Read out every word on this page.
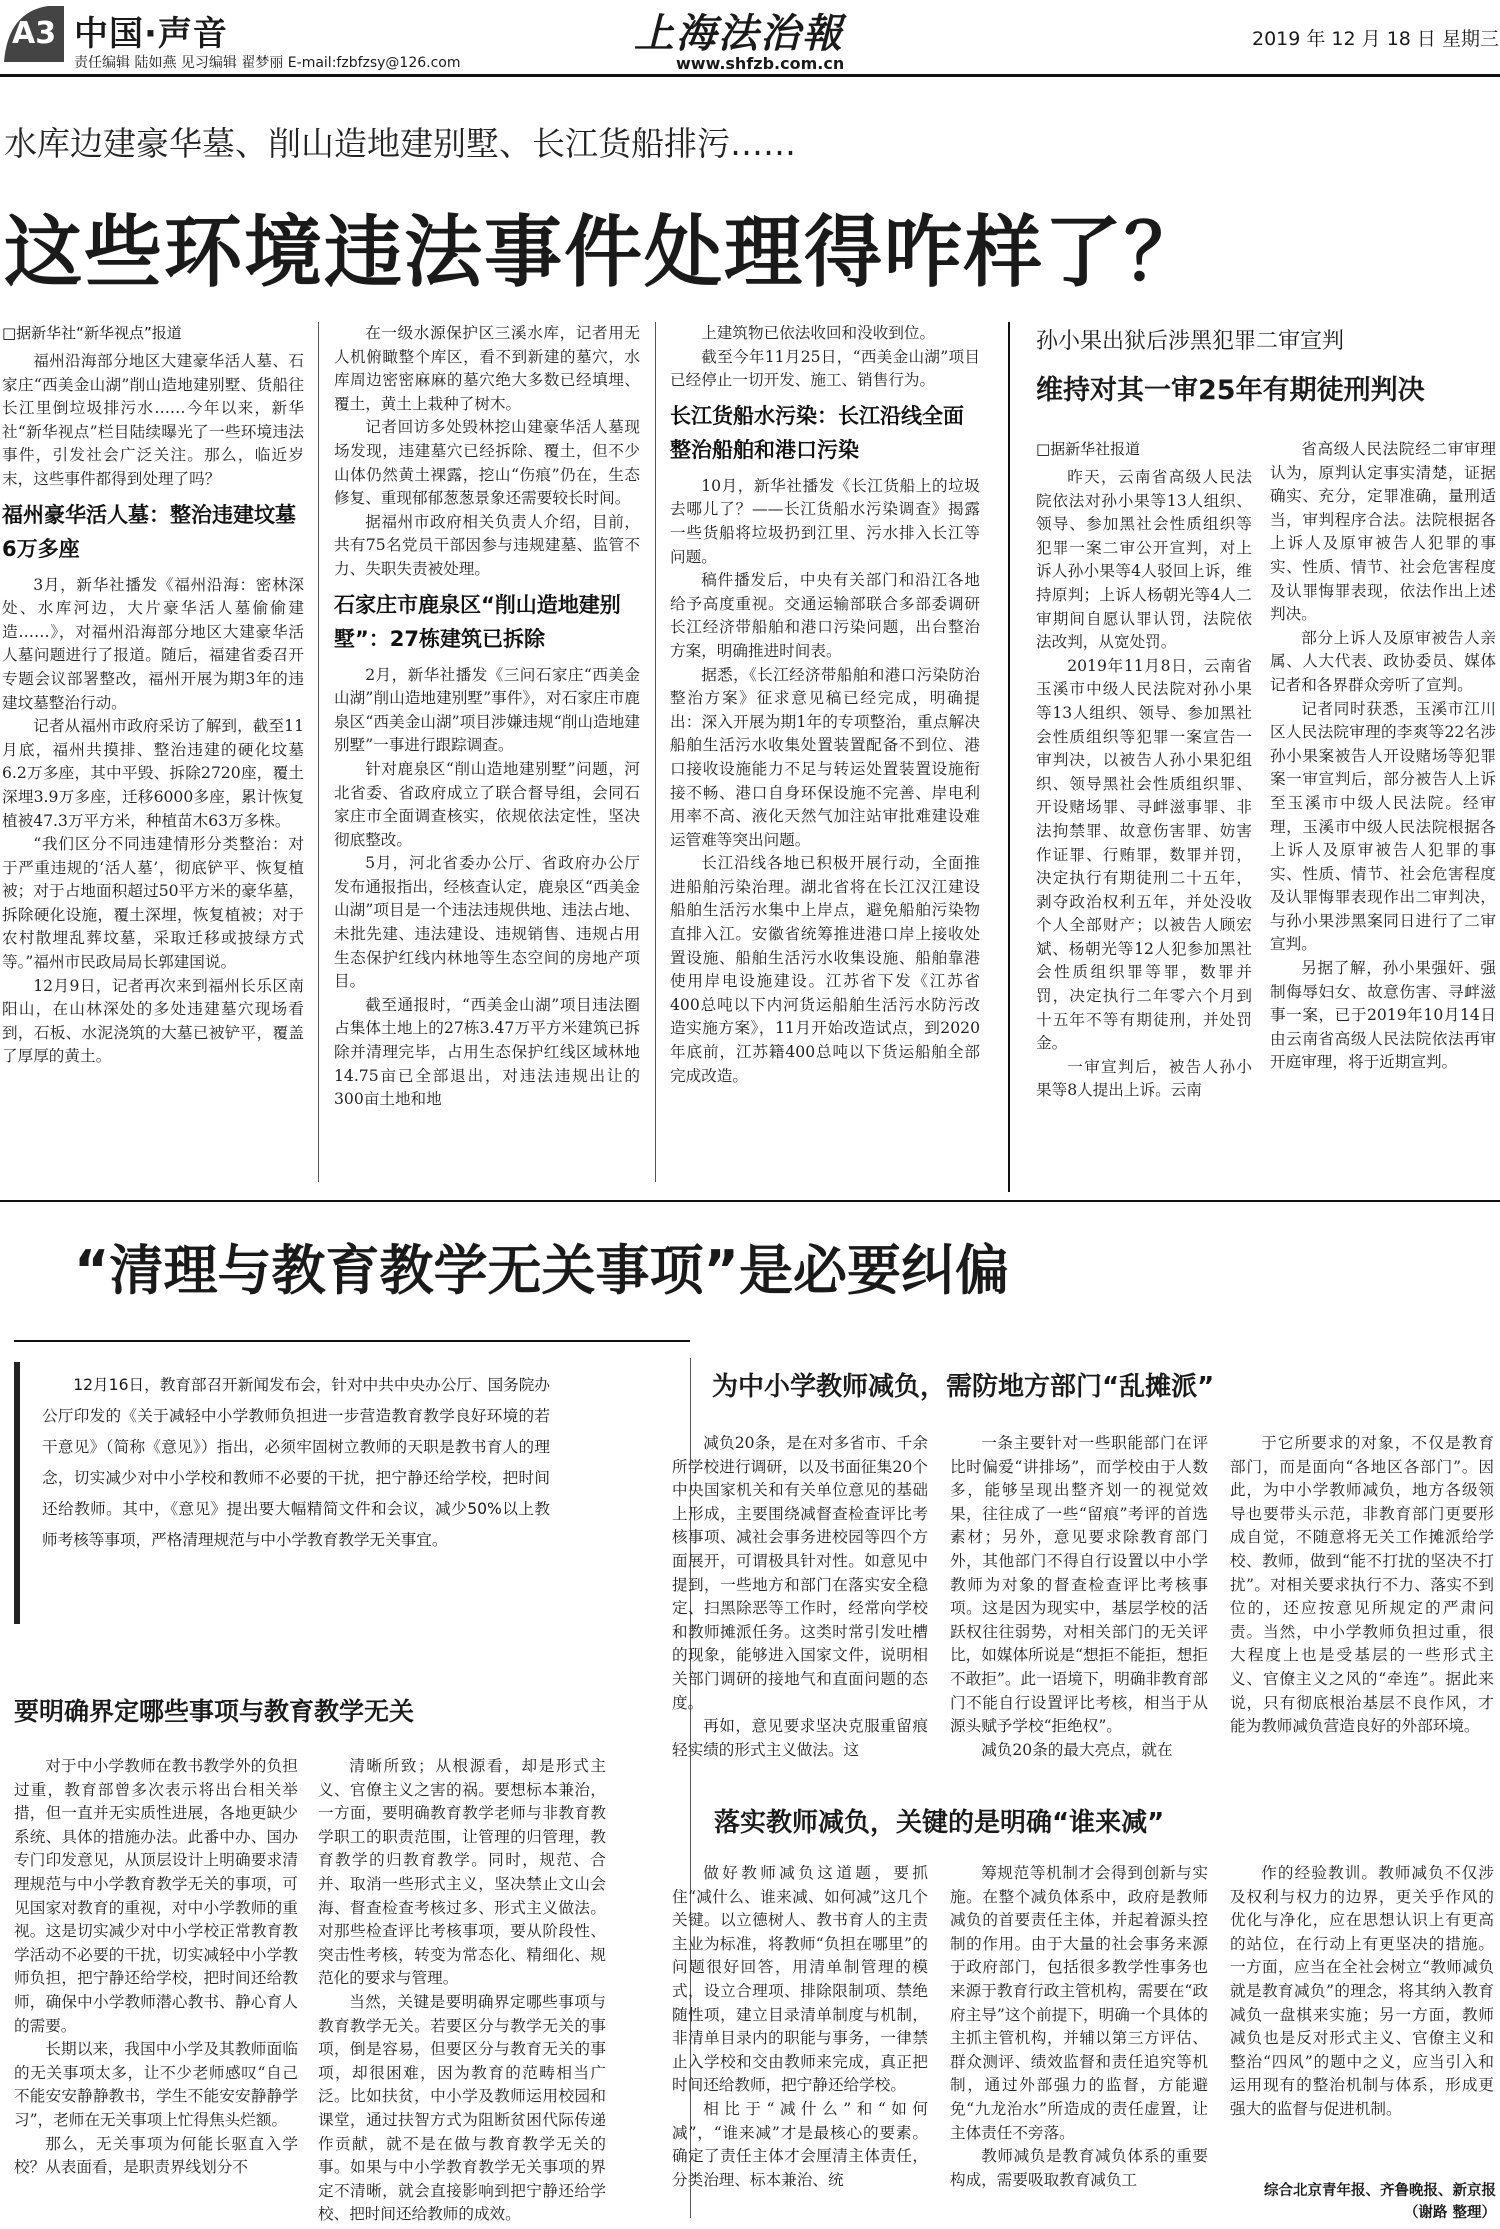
A3 中国·声音
责任编辑 陆如燕 见习编辑 翟梦丽 E-mail:fzbfzsy@126.com
上海法治報
www.shfzb.com.cn
2019 年 12 月 18 日 星期三
水库边建豪华墓、削山造地建别墅、长江货船排污……
这些环境违法事件处理得咋样了？
□据新华社“新华视点”报道

福州沿海部分地区大建豪华活人墓、石家庄“西美金山湖”削山造地建别墅、货船往长江里倒垃圾排污水……今年以来，新华社“新华视点”栏目陆续曝光了一些环境违法事件，引发社会广泛关注。那么，临近岁末，这些事件都得到处理了吗？

福州豪华活人墓：整治违建坟墓6万多座

3月，新华社播发《福州沿海：密林深处、水库河边，大片豪华活人墓偷偷建造……》，对福州沿海部分地区大建豪华活人墓问题进行了报道。随后，福建省委召开专题会议部署整改，福州开展为期3年的违建坟墓整治行动。

记者从福州市政府采访了解到，截至11月底，福州共摸排、整治违建的硬化坟墓6.2万多座，其中平毁、拆除2720座，覆土深埋3.9万多座，迁移6000多座，累计恢复植被47.3万平方米，种植苗木63万多株。

“我们区分不同违建情形分类整治：对于严重违规的‘活人墓’，彻底铲平、恢复植被；对于占地面积超过50平方米的豪华墓，拆除硬化设施，覆土深埋，恢复植被；对于农村散埋乱葬坟墓，采取迁移或披绿方式等。”福州市民政局局长郭建国说。

12月9日，记者再次来到福州长乐区南阳山，在山林深处的多处违建墓穴现场看到，石板、水泥浇筑的大墓已被铲平，覆盖了厚厚的黄土。

在一级水源保护区三溪水库，记者用无人机俯瞰整个库区，看不到新建的墓穴，水库周边密密麻麻的墓穴绝大多数已经填埋、覆土，黄土上栽种了树木。

记者回访多处毁林挖山建豪华活人墓现场发现，违建墓穴已经拆除、覆土，但不少山体仍然黄土裸露，挖山“伤痕”仍在，生态修复、重现郁郁葱葱景象还需要较长时间。

据福州市政府相关负责人介绍，目前，共有75名党员干部因参与违规建墓、监管不力、失职失责被处理。

石家庄市鹿泉区“削山造地建别墅”：27栋建筑已拆除

2月，新华社播发《三问石家庄“西美金山湖”削山造地建别墅”事件》，对石家庄市鹿泉区“西美金山湖”项目涉嫌违规“削山造地建别墅”一事进行跟踪调查。

针对鹿泉区“削山造地建别墅”问题，河北省委、省政府成立了联合督导组，会同石家庄市全面调查核实，依规依法定性，坚决彻底整改。

5月，河北省委办公厅、省政府办公厅发布通报指出，经核查认定，鹿泉区“西美金山湖”项目是一个违法违规供地、违法占地、未批先建、违法建设、违规销售、违规占用生态保护红线内林地等生态空间的房地产项目。

截至通报时，“西美金山湖”项目违法圈占集体土地上的27栋3.47万平方米建筑已拆除并清理完毕，占用生态保护红线区域林地14.75亩已全部退出，对违法违规出让的300亩土地和地

上建筑物已依法收回和没收到位。

截至今年11月25日，“西美金山湖”项目已经停止一切开发、施工、销售行为。

长江货船水污染：长江沿线全面整治船舶和港口污染

10月，新华社播发《长江货船上的垃圾去哪儿了？——长江货船水污染调查》揭露一些货船将垃圾扔到江里、污水排入长江等问题。

稿件播发后，中央有关部门和沿江各地给予高度重视。交通运输部联合多部委调研长江经济带船舶和港口污染问题，出台整治方案，明确推进时间表。

据悉，《长江经济带船舶和港口污染防治整治方案》征求意见稿已经完成，明确提出：深入开展为期1年的专项整治，重点解决船舶生活污水收集处置装置配备不到位、港口接收设施能力不足与转运处置装置设施衔接不畅、港口自身环保设施不完善、岸电利用率不高、液化天然气加注站审批难建设难运管难等突出问题。

长江沿线各地已积极开展行动，全面推进船舶污染治理。湖北省将在长江汉江建设船舶生活污水集中上岸点，避免船舶污染物直排入江。安徽省统筹推进港口岸上接收处置设施、船舶生活污水收集设施、船舶靠港使用岸电设施建设。江苏省下发《江苏省400总吨以下内河货运船舶生活污水防污改造实施方案》，11月开始改造试点，到2020年底前，江苏籍400总吨以下货运船舶全部完成改造。

孙小果出狱后涉黑犯罪二审宣判
维持对其一审25年有期徒刑判决
□据新华社报道

昨天，云南省高级人民法院依法对孙小果等13人组织、领导、参加黑社会性质组织等犯罪一案二审公开宣判，对上诉人孙小果等4人驳回上诉，维持原判；上诉人杨朝光等4人二审期间自愿认罪认罚，法院依法改判，从宽处罚。

2019年11月8日，云南省玉溪市中级人民法院对孙小果等13人组织、领导、参加黑社会性质组织等犯罪一案宣告一审判决，以被告人孙小果犯组织、领导黑社会性质组织罪、开设赌场罪、寻衅滋事罪、非法拘禁罪、故意伤害罪、妨害作证罪、行贿罪，数罪并罚，决定执行有期徒刑二十五年，剥夺政治权利五年，并处没收个人全部财产；以被告人顾宏斌、杨朝光等12人犯参加黑社会性质组织罪等罪，数罪并罚，决定执行二年零六个月到十五年不等有期徒刑，并处罚金。

一审宣判后，被告人孙小果等8人提出上诉。云南

省高级人民法院经二审审理认为，原判认定事实清楚，证据确实、充分，定罪准确，量刑适当，审判程序合法。法院根据各上诉人及原审被告人犯罪的事实、性质、情节、社会危害程度及认罪悔罪表现，依法作出上述判决。

部分上诉人及原审被告人亲属、人大代表、政协委员、媒体记者和各界群众旁听了宣判。

记者同时获悉，玉溪市江川区人民法院审理的李爽等22名涉孙小果案被告人开设赌场等犯罪案一审宣判后，部分被告人上诉至玉溪市中级人民法院。经审理，玉溪市中级人民法院根据各上诉人及原审被告人犯罪的事实、性质、情节、社会危害程度及认罪悔罪表现作出二审判决，与孙小果涉黑案同日进行了二审宣判。

另据了解，孙小果强奸、强制侮辱妇女、故意伤害、寻衅滋事一案，已于2019年10月14日由云南省高级人民法院依法再审开庭审理，将于近期宣判。

“清理与教育教学无关事项”是必要纠偏

12月16日，教育部召开新闻发布会，针对中共中央办公厅、国务院办公厅印发的《关于减轻中小学教师负担进一步营造教育教学良好环境的若干意见》（简称《意见》）指出，必须牢固树立教师的天职是教书育人的理念，切实减少对中小学校和教师不必要的干扰，把宁静还给学校，把时间还给教师。其中，《意见》提出要大幅精简文件和会议，减少50%以上教师考核等事项，严格清理规范与中小学教育教学无关事宜。

要明确界定哪些事项与教育教学无关

对于中小学教师在教书教学外的负担过重，教育部曾多次表示将出台相关举措，但一直并无实质性进展，各地更缺少系统、具体的措施办法。此番中办、国办专门印发意见，从顶层设计上明确要求清理规范与中小学教育教学无关的事项，可见国家对教育的重视，对中小学教师的重视。这是切实减少对中小学校正常教育教学活动不必要的干扰，切实减轻中小学教师负担，把宁静还给学校，把时间还给教师，确保中小学教师潜心教书、静心育人的需要。

长期以来，我国中小学及其教师面临的无关事项太多，让不少老师感叹“自己不能安安静静教书，学生不能安安静静学习”，老师在无关事项上忙得焦头烂额。

那么，无关事项为何能长驱直入学校？从表面看，是职责界线划分不

清晰所致；从根源看，却是形式主义、官僚主义之害的祸。要想标本兼治，一方面，要明确教育教学老师与非教育教学职工的职责范围，让管理的归管理，教育教学的归教育教学。同时，规范、合并、取消一些形式主义，坚决禁止文山会海、督查检查考核过多、形式主义做法。对那些检查评比考核事项，要从阶段性、突击性考核，转变为常态化、精细化、规范化的要求与管理。

当然，关键是要明确界定哪些事项与教育教学无关。若要区分与教学无关的事项，倒是容易，但要区分与教育无关的事项，却很困难，因为教育的范畴相当广泛。比如扶贫，中小学及教师运用校园和课堂，通过扶智方式为阻断贫困代际传递作贡献，就不是在做与教育教学无关的事。如果与中小学教育教学无关事项的界定不清晰，就会直接影响到把宁静还给学校、把时间还给教师的成效。

为中小学教师减负，需防地方部门“乱摊派”

减负20条，是在对多省市、千余所学校进行调研，以及书面征集20个中央国家机关和有关单位意见的基础上形成，主要围绕减督查检查评比考核事项、减社会事务进校园等四个方面展开，可谓极具针对性。如意见中提到，一些地方和部门在落实安全稳定、扫黑除恶等工作时，经常向学校和教师摊派任务。这类时常引发吐槽的现象，能够进入国家文件，说明相关部门调研的接地气和直面问题的态度。

再如，意见要求坚决克服重留痕轻实绩的形式主义做法。这

一条主要针对一些职能部门在评比时偏爱“讲排场”，而学校由于人数多，能够呈现出整齐划一的视觉效果，往往成了一些“留痕”考评的首选素材；另外，意见要求除教育部门外，其他部门不得自行设置以中小学教师为对象的督查检查评比考核事项。这是因为现实中，基层学校的活跃权往往弱势，对相关部门的无关评比，如媒体所说是“想拒不能拒，想拒不敢拒”。此一语境下，明确非教育部门不能自行设置评比考核，相当于从源头赋予学校“拒绝权”。

减负20条的最大亮点，就在

于它所要求的对象，不仅是教育部门，而是面向“各地区各部门”。因此，为中小学教师减负，地方各级领导也要带头示范，非教育部门更要形成自觉，不随意将无关工作摊派给学校、教师，做到“能不打扰的坚决不打扰”。对相关要求执行不力、落实不到位的，还应按意见所规定的严肃问责。当然，中小学教师负担过重，很大程度上也是受基层的一些形式主义、官僚主义之风的“牵连”。据此来说，只有彻底根治基层不良作风，才能为教师减负营造良好的外部环境。

落实教师减负，关键的是明确“谁来减”

做好教师减负这道题，要抓住“减什么、谁来减、如何减”这几个关键。以立德树人、教书育人的主责主业为标准，将教师“负担在哪里”的问题很好回答，用清单制管理的模式，设立合理项、排除限制项、禁绝随性项，建立目录清单制度与机制，非清单目录内的职能与事务，一律禁止入学校和交由教师来完成，真正把时间还给教师，把宁静还给学校。

相比于“减什么”和“如何减”，“谁来减”才是最核心的要素。确定了责任主体才会厘清主体责任，分类治理、标本兼治、统

筹规范等机制才会得到创新与实施。在整个减负体系中，政府是教师减负的首要责任主体，并起着源头控制的作用。由于大量的社会事务来源于政府部门，包括很多教学性事务也来源于教育行政主管机构，需要在“政府主导”这个前提下，明确一个具体的主抓主管机构，并辅以第三方评估、群众测评、绩效监督和责任追究等机制，通过外部强力的监督，方能避免“九龙治水”所造成的责任虚置，让主体责任不旁落。

教师减负是教育减负体系的重要构成，需要吸取教育减负工

作的经验教训。教师减负不仅涉及权利与权力的边界，更关乎作风的优化与净化，应在思想认识上有更高的站位，在行动上有更坚决的措施。一方面，应当在全社会树立“教师减负就是教育减负”的理念，将其纳入教育减负一盘棋来实施；另一方面，教师减负也是反对形式主义、官僚主义和整治“四风”的题中之义，应当引入和运用现有的整治机制与体系，形成更强大的监督与促进机制。

综合北京青年报、齐鲁晚报、新京报 （谢路 整理）
